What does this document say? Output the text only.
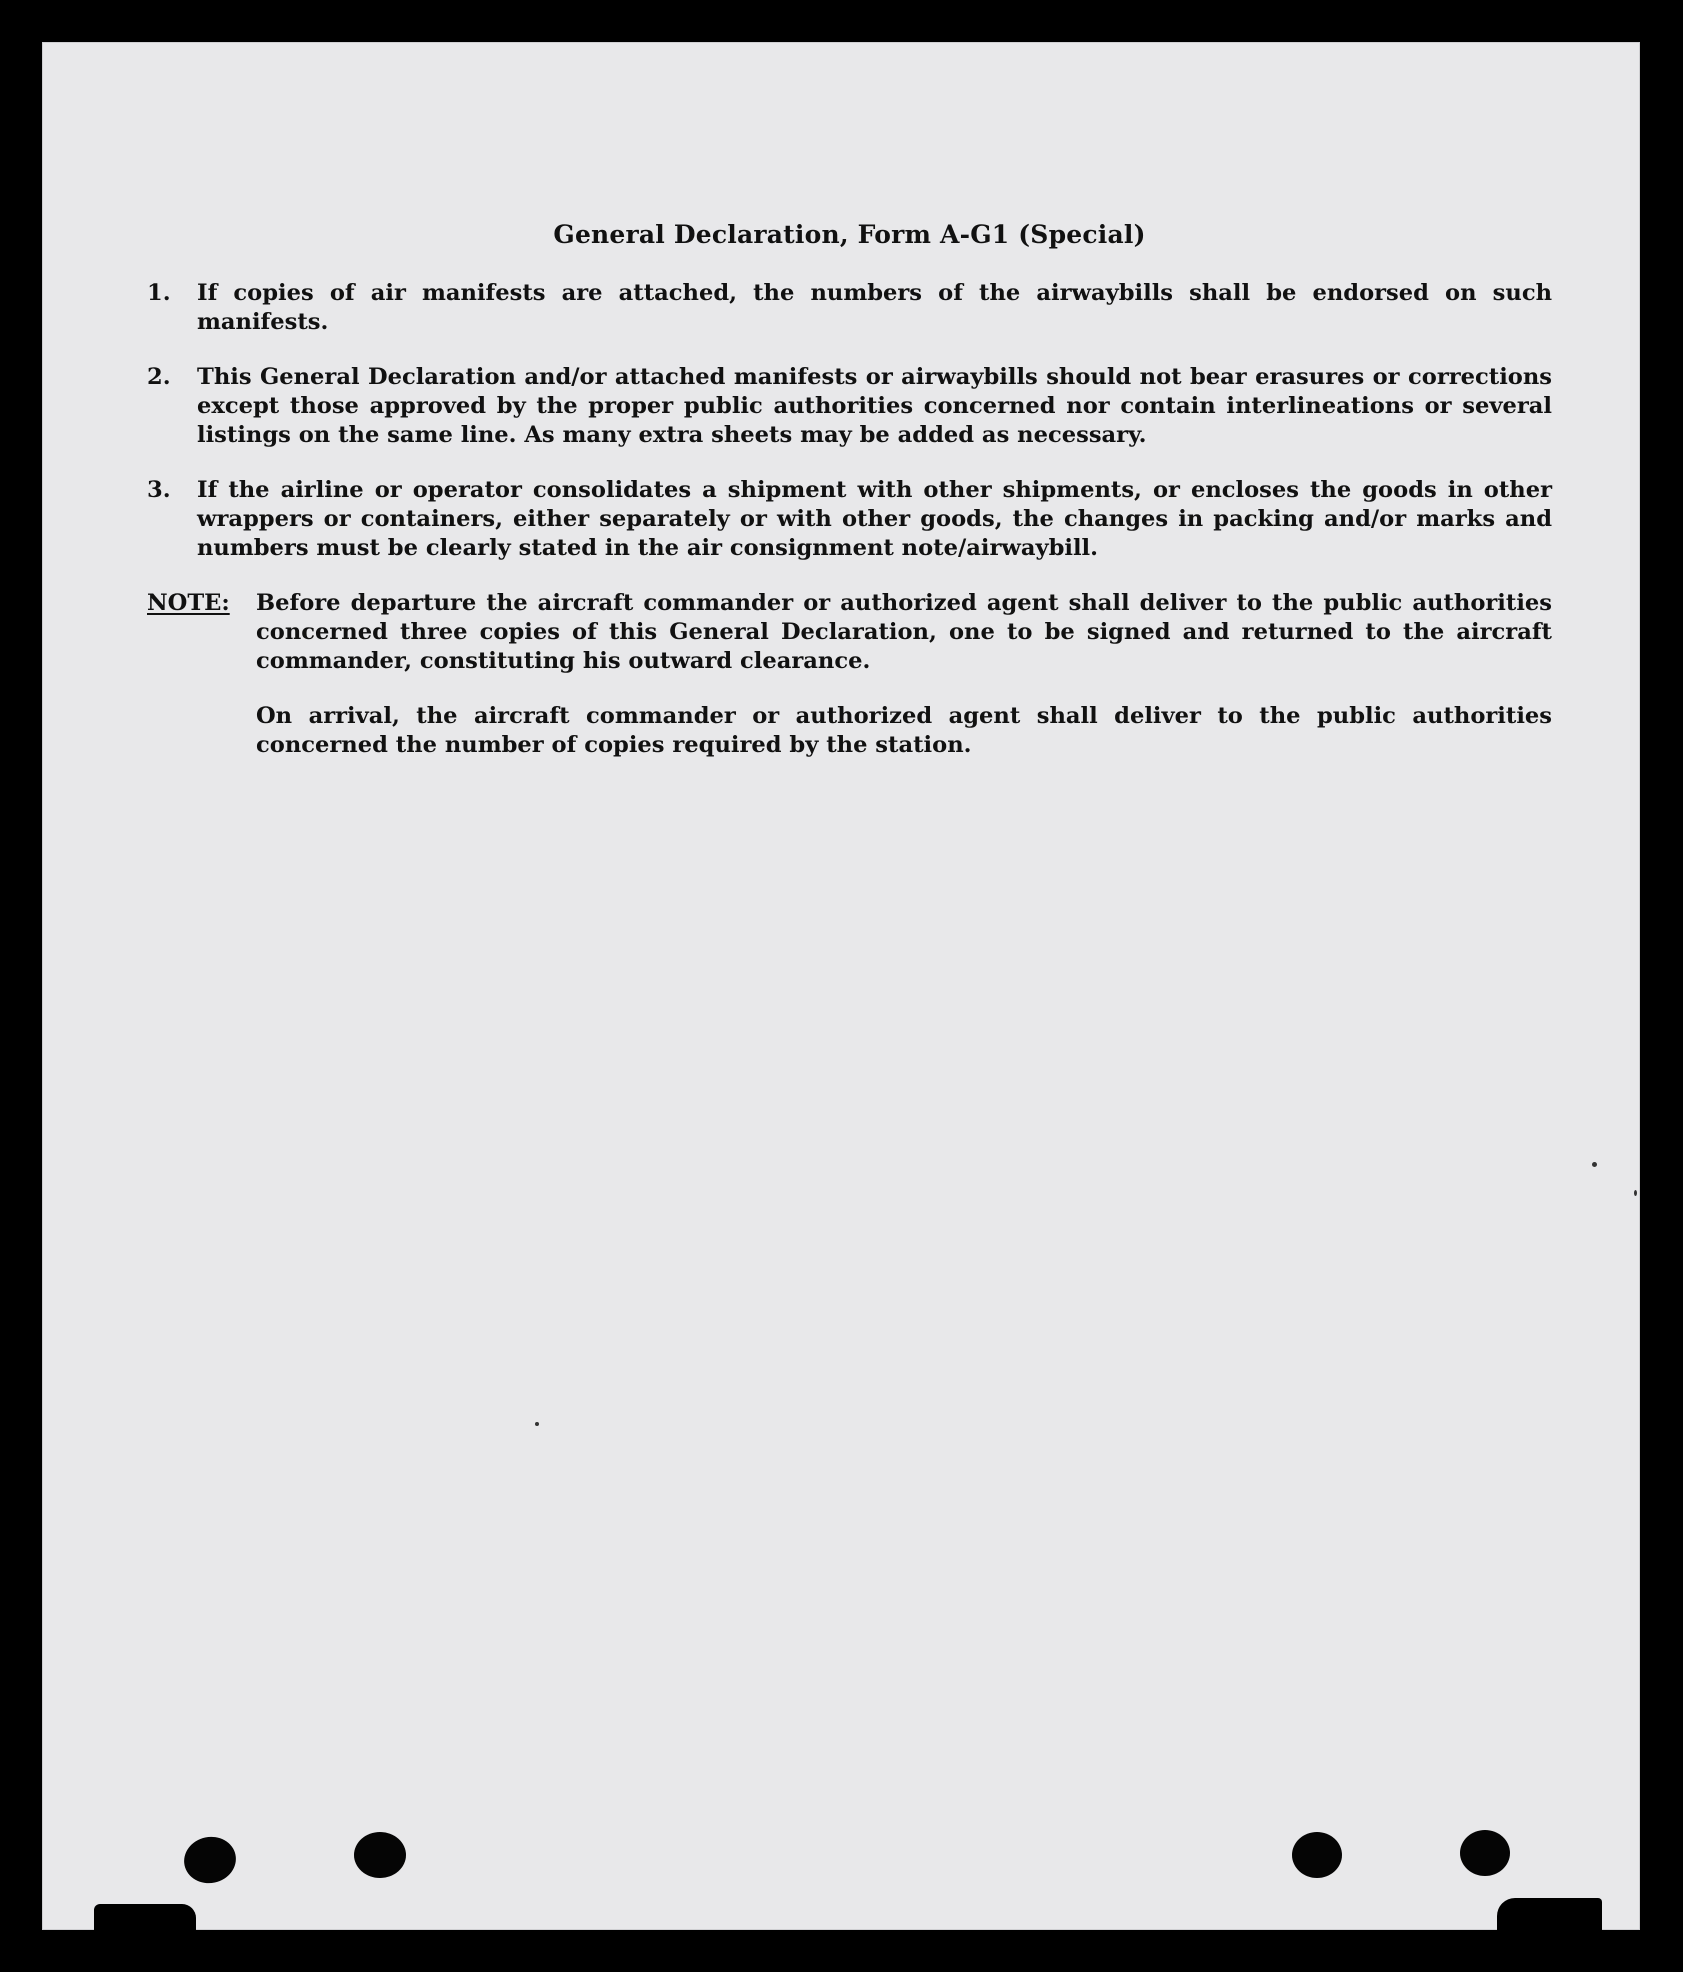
General Declaration, Form A-G1 (Special)
1.	If copies of air manifests are attached, the numbers of the airwaybills shall be endorsed on such manifests.
2.	This General Declaration and/or attached manifests or airwaybills should not bear erasures or corrections except those approved by the proper public authorities concerned nor contain interlineations or several listings on the same line. As many extra sheets may be added as necessary.
3.	If the airline or operator consolidates a shipment with other shipments, or encloses the goods in other wrappers or containers, either separately or with other goods, the changes in packing and/or marks and numbers must be clearly stated in the air consignment note/airwaybill.
NOTE:	Before departure the aircraft commander or authorized agent shall deliver to the public authorities concerned three copies of this General Declaration, one to be signed and returned to the aircraft commander, constituting his outward clearance.

On arrival, the aircraft commander or authorized agent shall deliver to the public authorities concerned the number of copies required by the station.
